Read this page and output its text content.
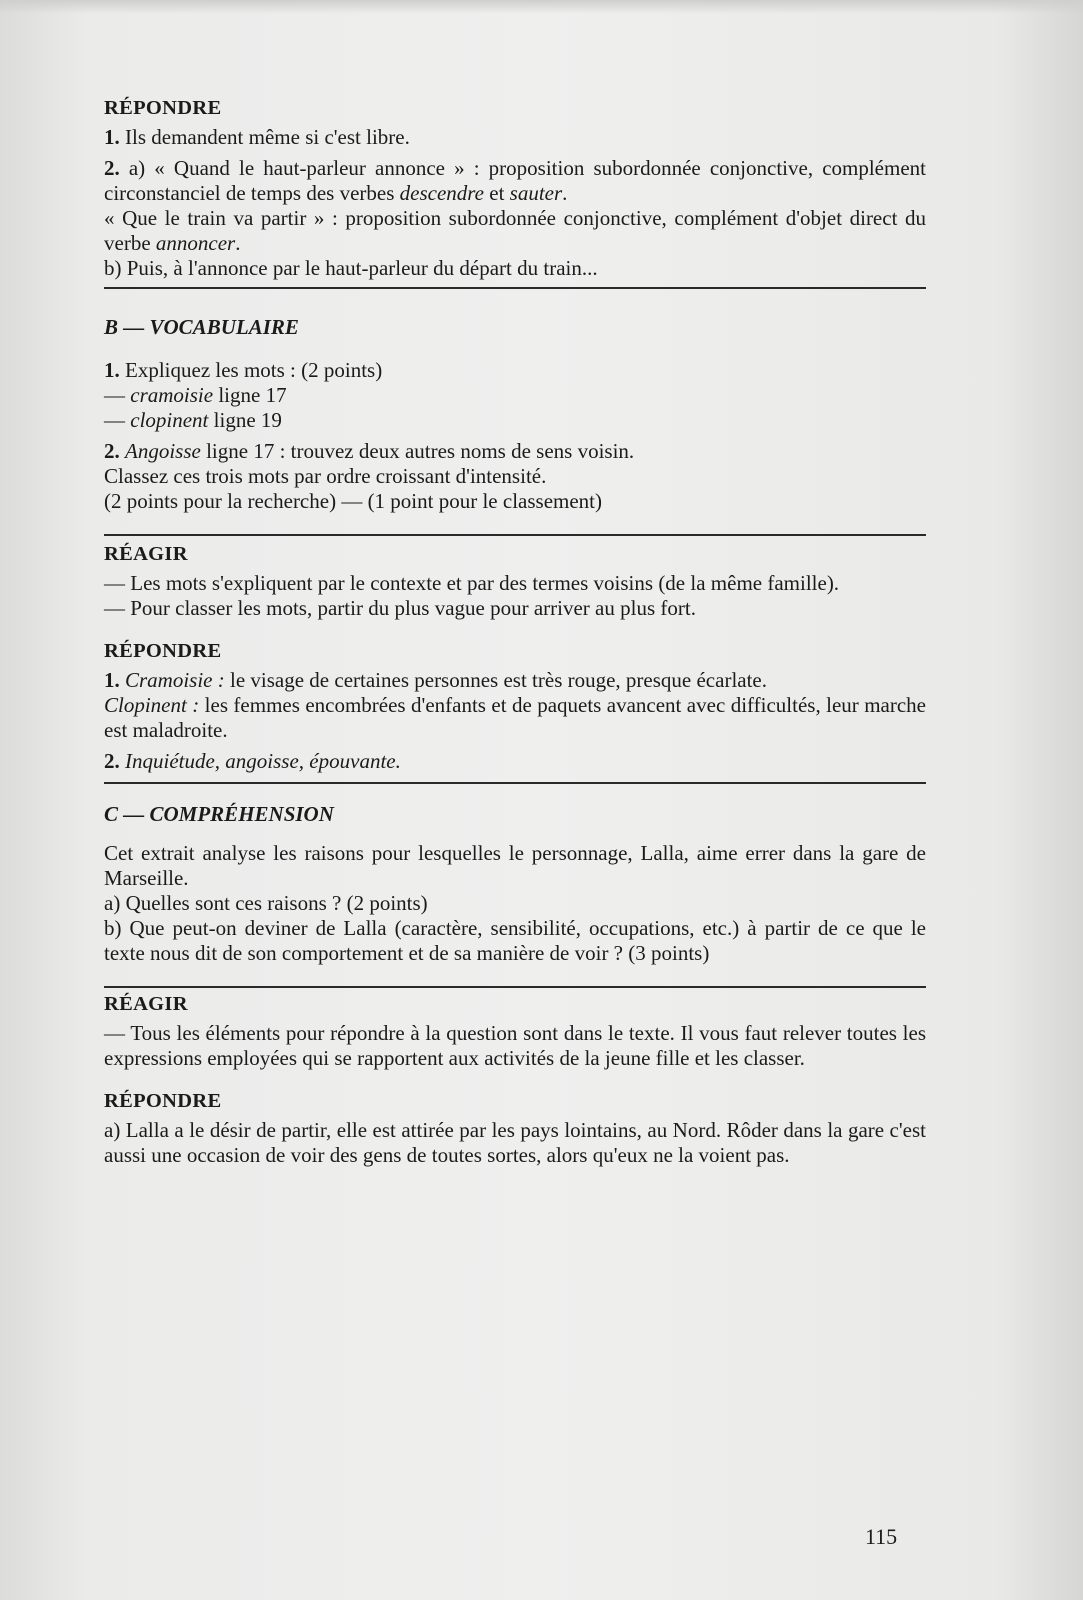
RÉPONDRE

1. Ils demandent même si c'est libre.

2. a) « Quand le haut-parleur annonce » : proposition subordonnée conjonctive, complément circonstanciel de temps des verbes descendre et sauter.

« Que le train va partir » : proposition subordonnée conjonctive, complément d'objet direct du verbe annoncer.

b) Puis, à l'annonce par le haut-parleur du départ du train...

B — VOCABULAIRE

1. Expliquez les mots : (2 points)

— cramoisie ligne 17

— clopinent ligne 19

2. Angoisse ligne 17 : trouvez deux autres noms de sens voisin.

Classez ces trois mots par ordre croissant d'intensité.

(2 points pour la recherche) — (1 point pour le classement)

RÉAGIR

— Les mots s'expliquent par le contexte et par des termes voisins (de la même famille).

— Pour classer les mots, partir du plus vague pour arriver au plus fort.

RÉPONDRE

1. Cramoisie : le visage de certaines personnes est très rouge, presque écarlate.

Clopinent : les femmes encombrées d'enfants et de paquets avancent avec difficultés, leur marche est maladroite.

2. Inquiétude, angoisse, épouvante.

C — COMPRÉHENSION

Cet extrait analyse les raisons pour lesquelles le personnage, Lalla, aime errer dans la gare de Marseille.

a) Quelles sont ces raisons ? (2 points)

b) Que peut-on deviner de Lalla (caractère, sensibilité, occupations, etc.) à partir de ce que le texte nous dit de son comportement et de sa manière de voir ? (3 points)

RÉAGIR

— Tous les éléments pour répondre à la question sont dans le texte. Il vous faut relever toutes les expressions employées qui se rapportent aux activités de la jeune fille et les classer.

RÉPONDRE

a) Lalla a le désir de partir, elle est attirée par les pays lointains, au Nord. Rôder dans la gare c'est aussi une occasion de voir des gens de toutes sortes, alors qu'eux ne la voient pas.

115
